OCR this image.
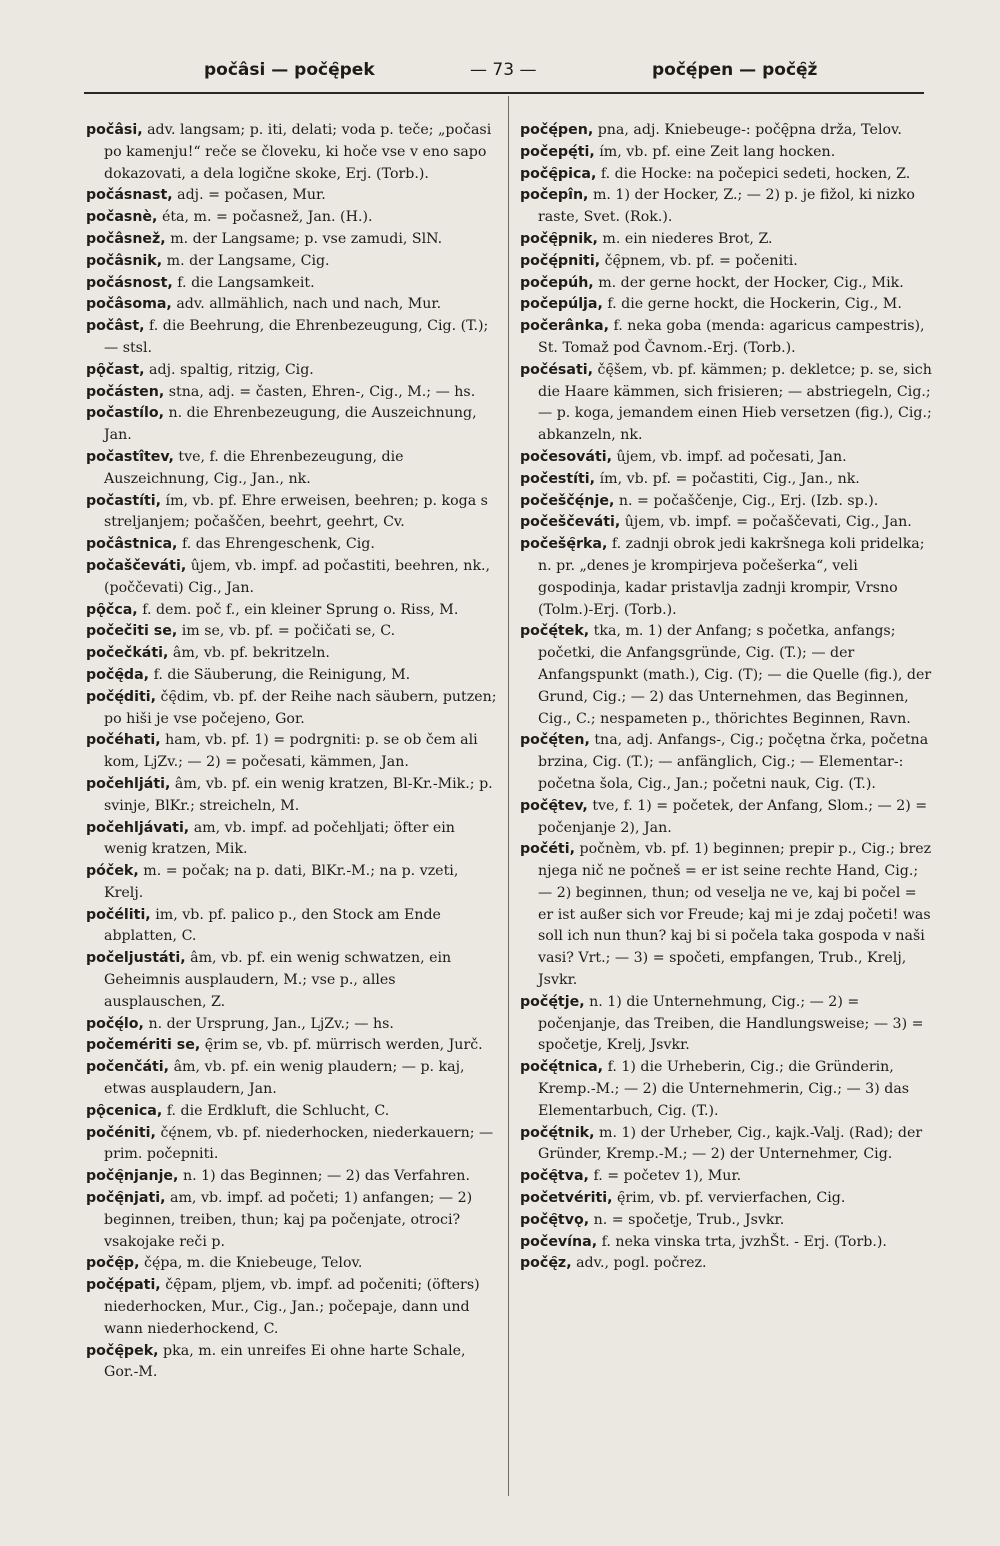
počâsi — počę̑pek	— 73 —	počę́pen — počę̑ž

počâsi, adv. langsam; p. iti, delati; voda p. teče; „počasi po kamenju!“ reče se človeku, ki hoče vse v eno sapo dokazovati, a dela logične skoke, Erj. (Torb.).

počásnast, adj. = počasen, Mur.

počasnè, éta, m. = počasnež, Jan. (H.).

počâsnež, m. der Langsame; p. vse zamudi, SlN.

počâsnik, m. der Langsame, Cig.

počásnost, f. die Langsamkeit.

počâsoma, adv. allmählich, nach und nach, Mur.

počâst, f. die Beehrung, die Ehrenbezeugung, Cig. (T.); — stsl.

pǫ̑čast, adj. spaltig, ritzig, Cig.

počásten, stna, adj. = časten, Ehren-, Cig., M.; — hs.

počastílo, n. die Ehrenbezeugung, die Auszeichnung, Jan.

počastîtev, tve, f. die Ehrenbezeugung, die Auszeichnung, Cig., Jan., nk.

počastíti, ím, vb. pf. Ehre erweisen, beehren; p. koga s streljanjem; počaščen, beehrt, geehrt, Cv.

počâstnica, f. das Ehrengeschenk, Cig.

počaščeváti, ûjem, vb. impf. ad počastiti, beehren, nk., (poččevati) Cig., Jan.

pǫ̑čca, f. dem. poč f., ein kleiner Sprung o. Riss, M.

počečiti se, im se, vb. pf. = počičati se, C.

počečkáti, âm, vb. pf. bekritzeln.

počę̑da, f. die Säuberung, die Reinigung, M.

počę́diti, čę̑dim, vb. pf. der Reihe nach säubern, putzen; po hiši je vse počejeno, Gor.

počéhati, ham, vb. pf. 1) = podrgniti: p. se ob čem ali kom, LjZv.; — 2) = počesati, kämmen, Jan.

počehljáti, âm, vb. pf. ein wenig kratzen, Bl-Kr.-Mik.; p. svinje, BlKr.; streicheln, M.

počehljávati, am, vb. impf. ad počehljati; öfter ein wenig kratzen, Mik.

póček, m. = počak; na p. dati, BlKr.-M.; na p. vzeti, Krelj.

počéliti, im, vb. pf. palico p., den Stock am Ende abplatten, C.

počeljustáti, âm, vb. pf. ein wenig schwatzen, ein Geheimnis ausplaudern, M.; vse p., alles ausplauschen, Z.

počę́lo, n. der Ursprung, Jan., LjZv.; — hs.

počemériti se, ę̑rim se, vb. pf. mürrisch werden, Jurč.

počenčáti, âm, vb. pf. ein wenig plaudern; — p. kaj, etwas ausplaudern, Jan.

pǫ̑cenica, f. die Erdkluft, die Schlucht, C.

počéniti, čę́nem, vb. pf. niederhocken, niederkauern; — prim. počepniti.

počę̑njanje, n. 1) das Beginnen; — 2) das Verfahren.

počę̑njati, am, vb. impf. ad početi; 1) anfangen; — 2) beginnen, treiben, thun; kaj pa počenjate, otroci? vsakojake reči p.

počę̑p, čę́pa, m. die Kniebeuge, Telov.

počę́pati, čę̑pam, pljem, vb. impf. ad počeniti; (öfters) niederhocken, Mur., Cig., Jan.; počepaje, dann und wann niederhockend, C.

počę̑pek, pka, m. ein unreifes Ei ohne harte Schale, Gor.-M.

počę́pen, pna, adj. Kniebeuge-: počę̑pna drža, Telov.

počepę́ti, ím, vb. pf. eine Zeit lang hocken.

počę̑pica, f. die Hocke: na počepici sedeti, hocken, Z.

počepîn, m. 1) der Hocker, Z.; — 2) p. je fižol, ki nizko raste, Svet. (Rok.).

počę̑pnik, m. ein niederes Brot, Z.

počę́pniti, čę̑pnem, vb. pf. = počeniti.

počepúh, m. der gerne hockt, der Hocker, Cig., Mik.

počepúlja, f. die gerne hockt, die Hockerin, Cig., M.

počerânka, f. neka goba (menda: agaricus campestris), St. Tomaž pod Čavnom.-Erj. (Torb.).

počésati, čę̑šem, vb. pf. kämmen; p. dekletce; p. se, sich die Haare kämmen, sich frisieren; — abstriegeln, Cig.; — p. koga, jemandem einen Hieb versetzen (fig.), Cig.; abkanzeln, nk.

počesováti, ûjem, vb. impf. ad počesati, Jan.

počestíti, ím, vb. pf. = počastiti, Cig., Jan., nk.

počeščę́nje, n. = počaščenje, Cig., Erj. (Izb. sp.).

počeščeváti, ûjem, vb. impf. = počaščevati, Cig., Jan.

počešę̑rka, f. zadnji obrok jedi kakršnega koli pridelka; n. pr. „denes je krompirjeva počešerka“, veli gospodinja, kadar pristavlja zadnji krompir, Vrsno (Tolm.)-Erj. (Torb.).

počę́tek, tka, m. 1) der Anfang; s početka, anfangs; početki, die Anfangsgründe, Cig. (T.); — der Anfangspunkt (math.), Cig. (T); — die Quelle (fig.), der Grund, Cig.; — 2) das Unternehmen, das Beginnen, Cig., C.; nespameten p., thörichtes Beginnen, Ravn.

počę́ten, tna, adj. Anfangs-, Cig.; počętna črka, početna brzina, Cig. (T.); — anfänglich, Cig.; — Elementar-: početna šola, Cig., Jan.; početni nauk, Cig. (T.).

počę̑tev, tve, f. 1) = početek, der Anfang, Slom.; — 2) = počenjanje 2), Jan.

počéti, počnèm, vb. pf. 1) beginnen; prepir p., Cig.; brez njega nič ne počneš = er ist seine rechte Hand, Cig.; — 2) beginnen, thun; od veselja ne ve, kaj bi počel = er ist außer sich vor Freude; kaj mi je zdaj početi! was soll ich nun thun? kaj bi si počela taka gospoda v naši vasi? Vrt.; — 3) = spočeti, empfangen, Trub., Krelj, Jsvkr.

počę́tje, n. 1) die Unternehmung, Cig.; — 2) = počenjanje, das Treiben, die Handlungsweise; — 3) = spočetje, Krelj, Jsvkr.

počę́tnica, f. 1) die Urheberin, Cig.; die Gründerin, Kremp.-M.; — 2) die Unternehmerin, Cig.; — 3) das Elementarbuch, Cig. (T.).

počę́tnik, m. 1) der Urheber, Cig., kajk.-Valj. (Rad); der Gründer, Kremp.-M.; — 2) der Unternehmer, Cig.

počę̑tva, f. = početev 1), Mur.

početvériti, ę̑rim, vb. pf. vervierfachen, Cig.

počę̑tvǫ, n. = spočetje, Trub., Jsvkr.

počevína, f. neka vinska trta, jvzhŠt. - Erj. (Torb.).

počę̑z, adv., pogl. počrez.
